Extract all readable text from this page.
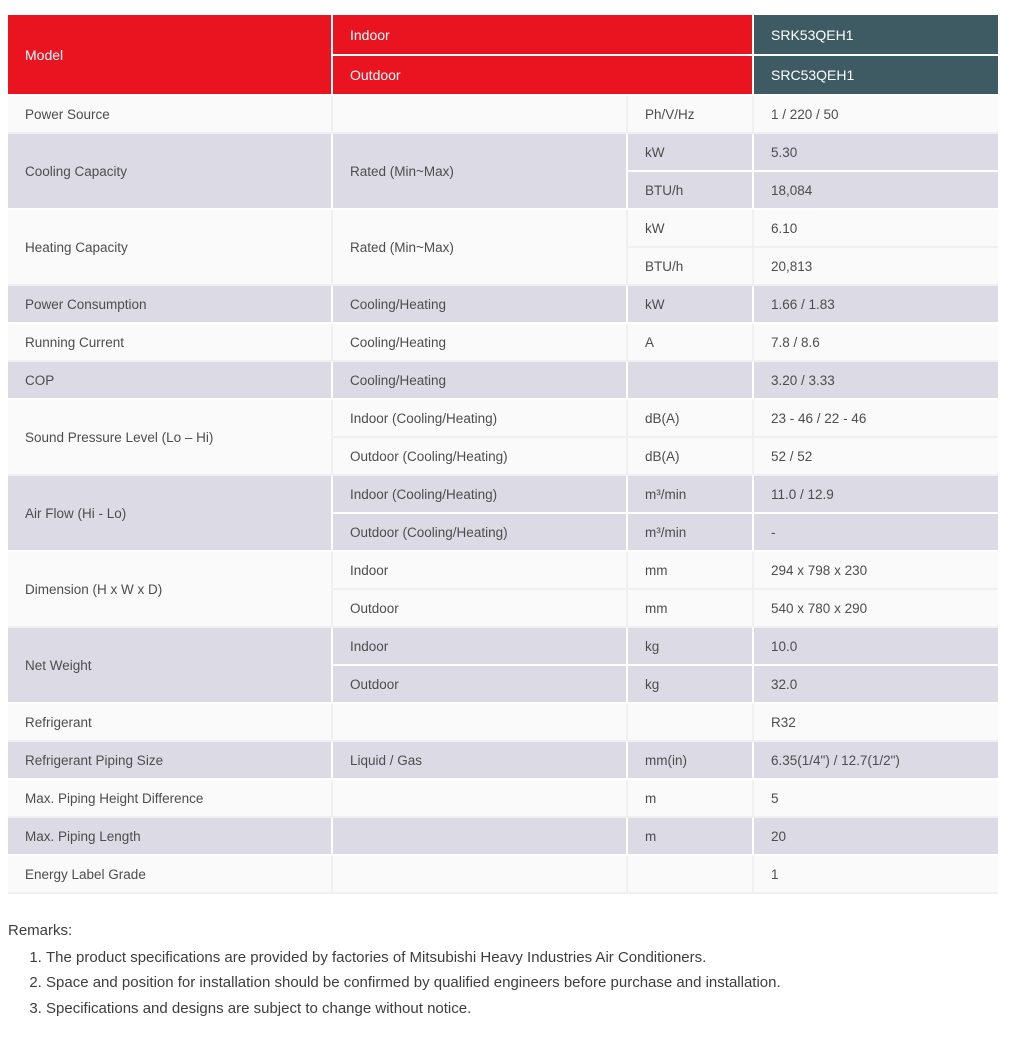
Model	Indoor		SRK53QEH1
	Outdoor		SRC53QEH1
Power Source		Ph/V/Hz	1 / 220 / 50
Cooling Capacity	Rated (Min~Max)	kW	5.30
		BTU/h	18,084
Heating Capacity	Rated (Min~Max)	kW	6.10
		BTU/h	20,813
Power Consumption	Cooling/Heating	kW	1.66 / 1.83
Running Current	Cooling/Heating	A	7.8 / 8.6
COP	Cooling/Heating		3.20 / 3.33
Sound Pressure Level (Lo – Hi)	Indoor (Cooling/Heating)	dB(A)	23 - 46 / 22 - 46
	Outdoor (Cooling/Heating)	dB(A)	52 / 52
Air Flow (Hi - Lo)	Indoor (Cooling/Heating)	m³/min	11.0 / 12.9
	Outdoor (Cooling/Heating)	m³/min	-
Dimension (H x W x D)	Indoor	mm	294 x 798 x 230
	Outdoor	mm	540 x 780 x 290
Net Weight	Indoor	kg	10.0
	Outdoor	kg	32.0
Refrigerant			R32
Refrigerant Piping Size	Liquid / Gas	mm(in)	6.35(1/4") / 12.7(1/2")
Max. Piping Height Difference		m	5
Max. Piping Length		m	20
Energy Label Grade			1
Remarks:
1. The product specifications are provided by factories of Mitsubishi Heavy Industries Air Conditioners.
2. Space and position for installation should be confirmed by qualified engineers before purchase and installation.
3. Specifications and designs are subject to change without notice.
